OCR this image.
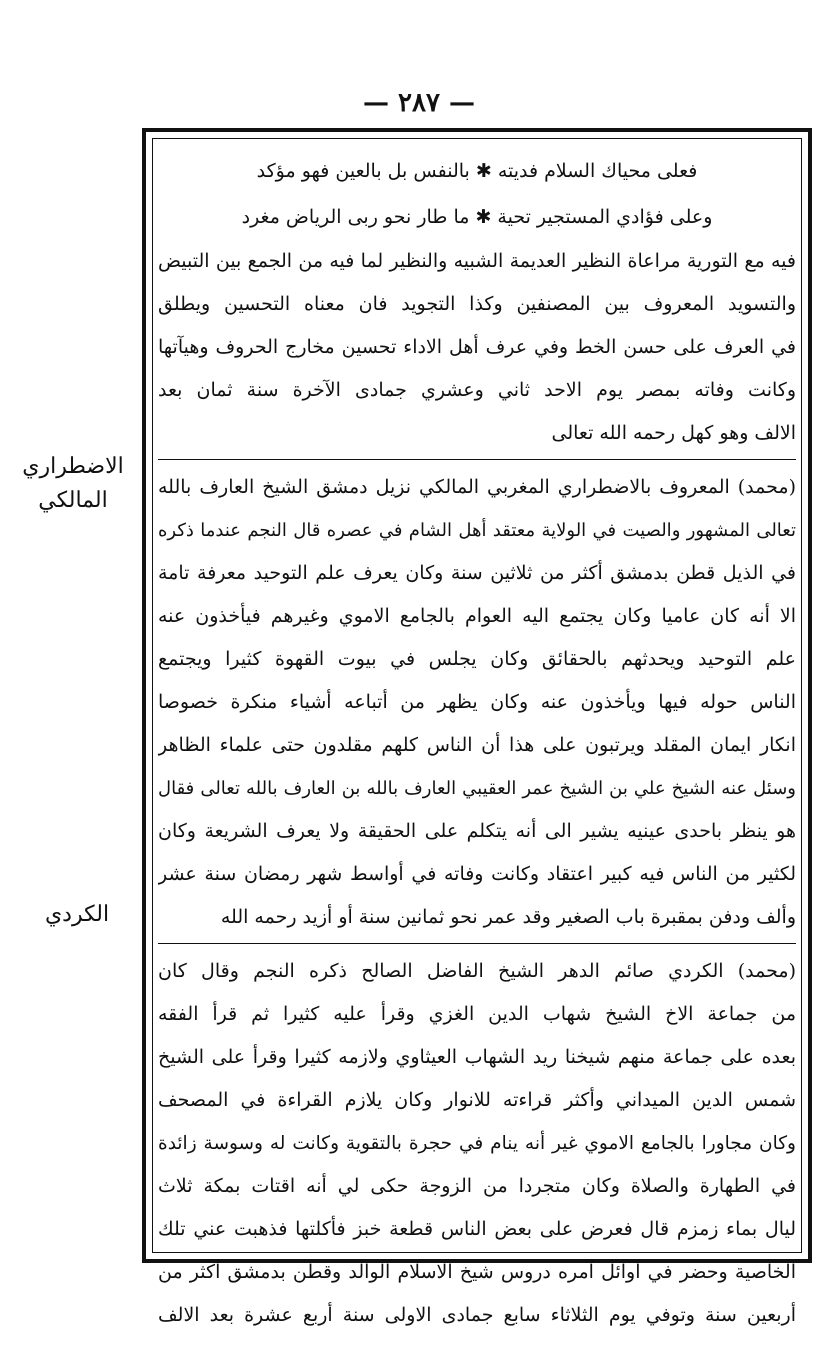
— ٢٨٧ —
فعلى محياك السلام فديته ✱ بالنفس بل بالعين فهو مؤكد
وعلى فؤادي المستجير تحية ✱ ما طار نحو ربى الرياض مغرد
فيه مع التورية مراعاة النظير العديمة الشبيه والنظير لما فيه من الجمع بين التبيض
والتسويد المعروف بين المصنفين وكذا التجويد فان معناه التحسين ويطلق
في العرف على حسن الخط وفي عرف أهل الاداء تحسين مخارج الحروف وهيآتها
وكانت وفاته بمصر يوم الاحد ثاني وعشري جمادى الآخرة سنة ثمان بعد
الالف وهو كهل رحمه الله تعالى
(محمد) المعروف بالاضطراري المغربي المالكي نزيل دمشق الشيخ العارف بالله
تعالى المشهور والصيت في الولاية معتقد أهل الشام في عصره قال النجم عندما ذكره
في الذيل قطن بدمشق أكثر من ثلاثين سنة وكان يعرف علم التوحيد معرفة تامة
الا أنه كان عاميا وكان يجتمع اليه العوام بالجامع الاموي وغيرهم فيأخذون عنه
علم التوحيد ويحدثهم بالحقائق وكان يجلس في بيوت القهوة كثيرا ويجتمع
الناس حوله فيها ويأخذون عنه وكان يظهر من أتباعه أشياء منكرة خصوصا
انكار ايمان المقلد ويرتبون على هذا أن الناس كلهم مقلدون حتى علماء الظاهر
وسئل عنه الشيخ علي بن الشيخ عمر العقيبي العارف بالله بن العارف بالله تعالى فقال
هو ينظر باحدى عينيه يشير الى أنه يتكلم على الحقيقة ولا يعرف الشريعة وكان
لكثير من الناس فيه كبير اعتقاد وكانت وفاته في أواسط شهر رمضان سنة عشر
وألف ودفن بمقبرة باب الصغير وقد عمر نحو ثمانين سنة أو أزيد رحمه الله
(محمد) الكردي صائم الدهر الشيخ الفاضل الصالح ذكره النجم وقال كان
من جماعة الاخ الشيخ شهاب الدين الغزي وقرأ عليه كثيرا ثم قرأ الفقه
بعده على جماعة منهم شيخنا ريد الشهاب العيثاوي ولازمه كثيرا وقرأ على الشيخ
شمس الدين الميداني وأكثر قراءته للانوار وكان يلازم القراءة في المصحف
وكان مجاورا بالجامع الاموي غير أنه ينام في حجرة بالتقوية وكانت له وسوسة زائدة
في الطهارة والصلاة وكان متجردا من الزوجة حكى لي أنه اقتات بمكة ثلاث
ليال بماء زمزم قال فعرض على بعض الناس قطعة خبز فأكلتها فذهبت عني تلك
الخاصية وحضر في أوائل أمره دروس شيخ الاسلام الوالد وقطن بدمشق أكثر من
أربعين سنة وتوفي يوم الثلاثاء سابع جمادى الاولى سنة أربع عشرة بعد الالف
الاضطراري المالكي
الكردي
